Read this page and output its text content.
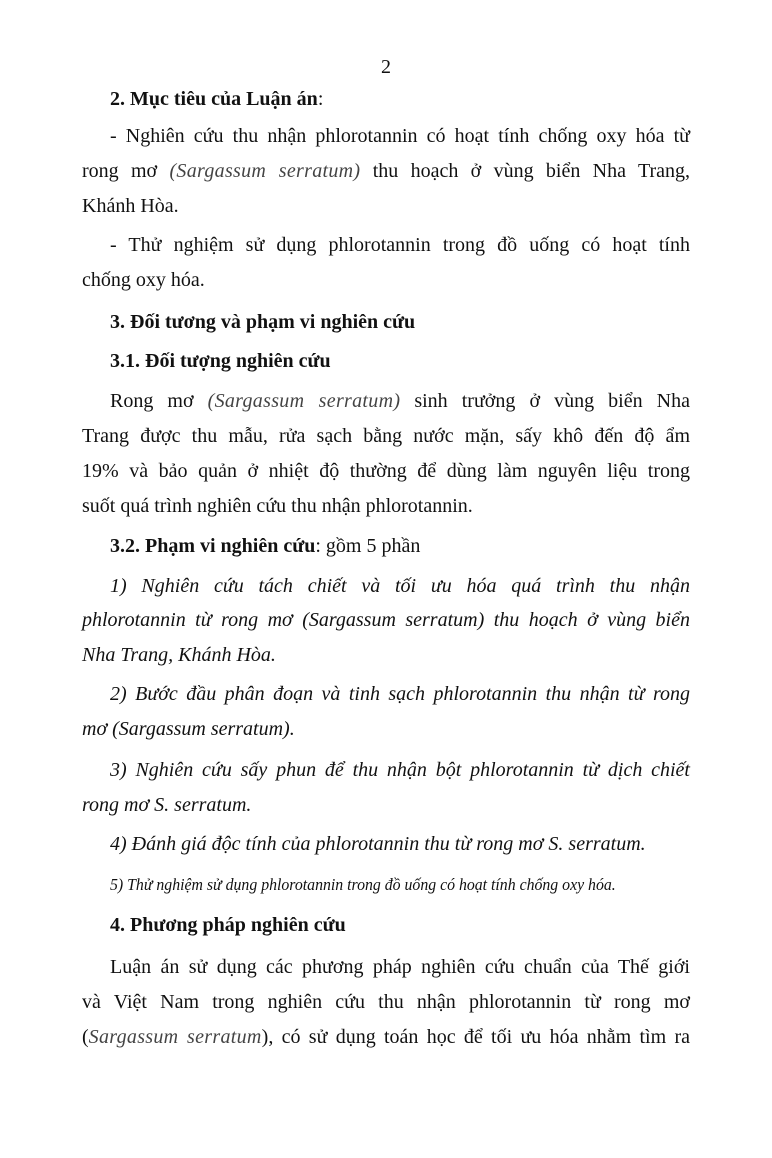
2
2. Mục tiêu của Luận án:
- Nghiên cứu thu nhận phlorotannin có hoạt tính chống oxy hóa từ
rong mơ (Sargassum serratum) thu hoạch ở vùng biển Nha Trang,
Khánh Hòa.
- Thử nghiệm sử dụng phlorotannin trong đồ uống có hoạt tính
chống oxy hóa.
3. Đối tương và phạm vi nghiên cứu
3.1. Đối tượng nghiên cứu
Rong mơ (Sargassum serratum) sinh trưởng ở vùng biển Nha
Trang được thu mẫu, rửa sạch bằng nước mặn, sấy khô đến độ ẩm
19% và bảo quản ở nhiệt độ thường để dùng làm nguyên liệu trong
suốt quá trình nghiên cứu thu nhận phlorotannin.
3.2. Phạm vi nghiên cứu: gồm 5 phần
1) Nghiên cứu tách chiết và tối ưu hóa quá trình thu nhận
phlorotannin từ rong mơ (Sargassum serratum) thu hoạch ở vùng biển
Nha Trang, Khánh Hòa.
2) Bước đầu phân đoạn và tinh sạch phlorotannin thu nhận từ rong
mơ (Sargassum serratum).
3) Nghiên cứu sấy phun để thu nhận bột phlorotannin từ dịch chiết
rong mơ S. serratum.
4) Đánh giá độc tính của phlorotannin thu từ rong mơ S. serratum.
5) Thử nghiệm sử dụng phlorotannin trong đồ uống có hoạt tính chống oxy hóa.
4. Phương pháp nghiên cứu
Luận án sử dụng các phương pháp nghiên cứu chuẩn của Thế giới
và Việt Nam trong nghiên cứu thu nhận phlorotannin từ rong mơ
(Sargassum serratum), có sử dụng toán học để tối ưu hóa nhằm tìm ra
